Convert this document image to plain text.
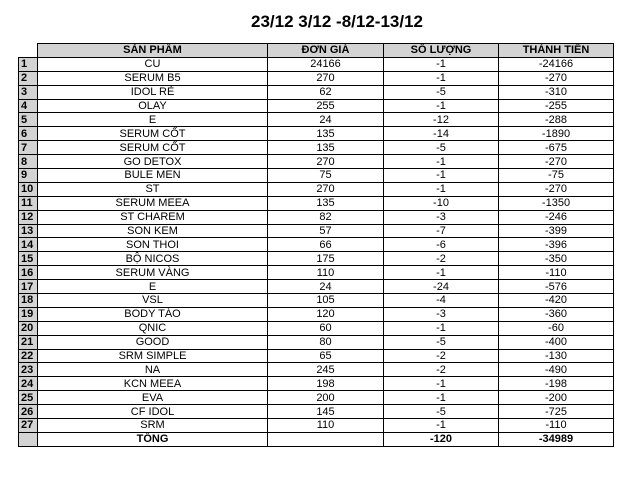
23/12 3/12 -8/12-13/12
	SẢN PHẨM	ĐƠN GIÁ	SỐ LƯỢNG	THÀNH TIỀN
1	CU	24166	-1	-24166
2	SERUM B5	270	-1	-270
3	IDOL RẺ	62	-5	-310
4	OLAY	255	-1	-255
5	E	24	-12	-288
6	SERUM CỐT	135	-14	-1890
7	SERUM CỐT	135	-5	-675
8	GO DETOX	270	-1	-270
9	BULE MEN	75	-1	-75
10	ST	270	-1	-270
11	SERUM MEEA	135	-10	-1350
12	ST CHAREM	82	-3	-246
13	SON KEM	57	-7	-399
14	SON THOI	66	-6	-396
15	BỘ NICOS	175	-2	-350
16	SERUM VÀNG	110	-1	-110
17	E	24	-24	-576
18	VSL	105	-4	-420
19	BODY TÁO	120	-3	-360
20	QNIC	60	-1	-60
21	GOOD	80	-5	-400
22	SRM SIMPLE	65	-2	-130
23	NA	245	-2	-490
24	KCN MEEA	198	-1	-198
25	EVA	200	-1	-200
26	CF IDOL	145	-5	-725
27	SRM	110	-1	-110
	TỔNG		-120	-34989
